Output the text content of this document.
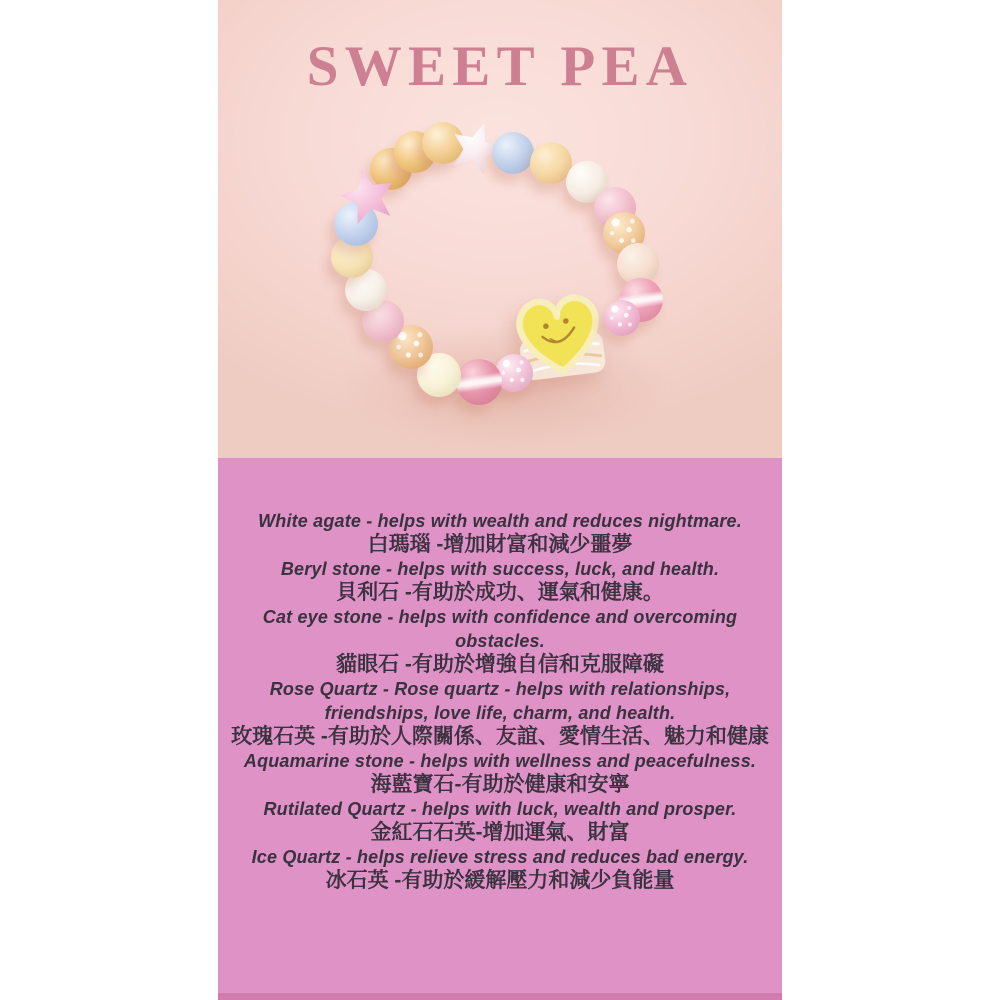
SWEET PEA

White agate - helps with wealth and reduces nightmare.

白瑪瑙 -增加財富和減少噩夢

Beryl stone - helps with success, luck, and health.

貝利石 -有助於成功、運氣和健康。

Cat eye stone - helps with confidence and overcoming obstacles.

貓眼石 -有助於增強自信和克服障礙

Rose Quartz - Rose quartz - helps with relationships, friendships, love life, charm, and health.

玫瑰石英 -有助於人際關係、友誼、愛情生活、魅力和健康

Aquamarine stone - helps with wellness and peacefulness.

海藍寶石-有助於健康和安寧

Rutilated Quartz - helps with luck, wealth and prosper.

金紅石石英-增加運氣、財富

Ice Quartz - helps relieve stress and reduces bad energy.

冰石英 -有助於緩解壓力和減少負能量
